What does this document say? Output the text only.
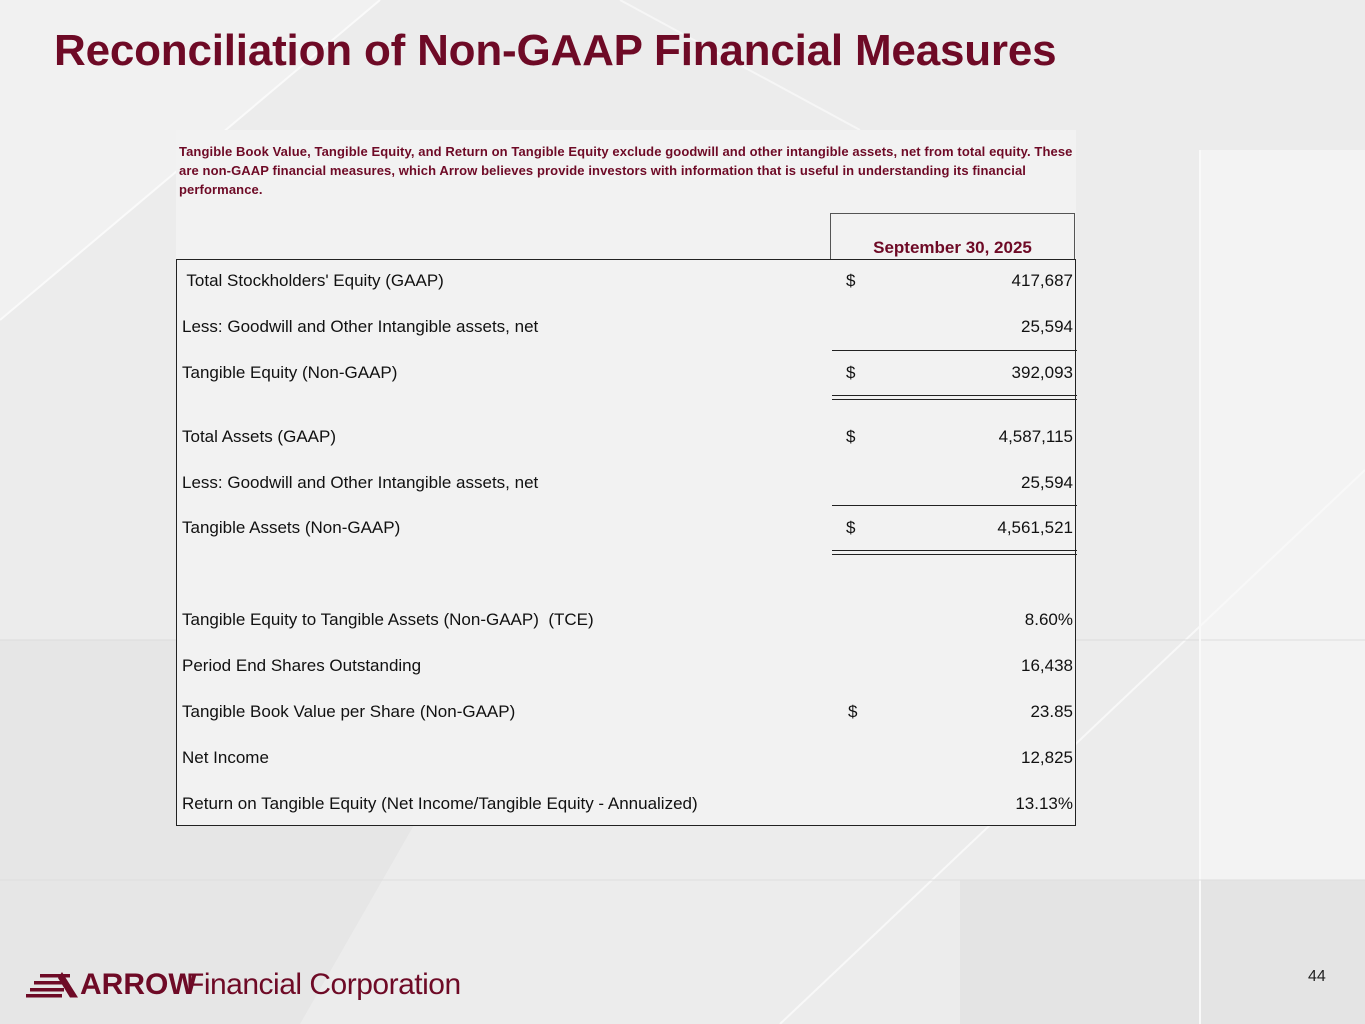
Reconciliation of Non-GAAP Financial Measures
Tangible Book Value, Tangible Equity, and Return on Tangible Equity exclude goodwill and other intangible assets, net from total equity. These are non-GAAP financial measures, which Arrow believes provide investors with information that is useful in understanding its financial performance.
September 30, 2025
Total Stockholders' Equity (GAAP)	$	417,687
Less: Goodwill and Other Intangible assets, net	25,594
Tangible Equity (Non-GAAP)	$	392,093
Total Assets (GAAP)	$	4,587,115
Less: Goodwill and Other Intangible assets, net	25,594
Tangible Assets (Non-GAAP)	$	4,561,521
Tangible Equity to Tangible Assets (Non-GAAP)  (TCE)	8.60%
Period End Shares Outstanding	16,438
Tangible Book Value per Share (Non-GAAP)	$	23.85
Net Income	12,825
Return on Tangible Equity (Net Income/Tangible Equity - Annualized)	13.13%
ARROW
Financial Corporation	44
